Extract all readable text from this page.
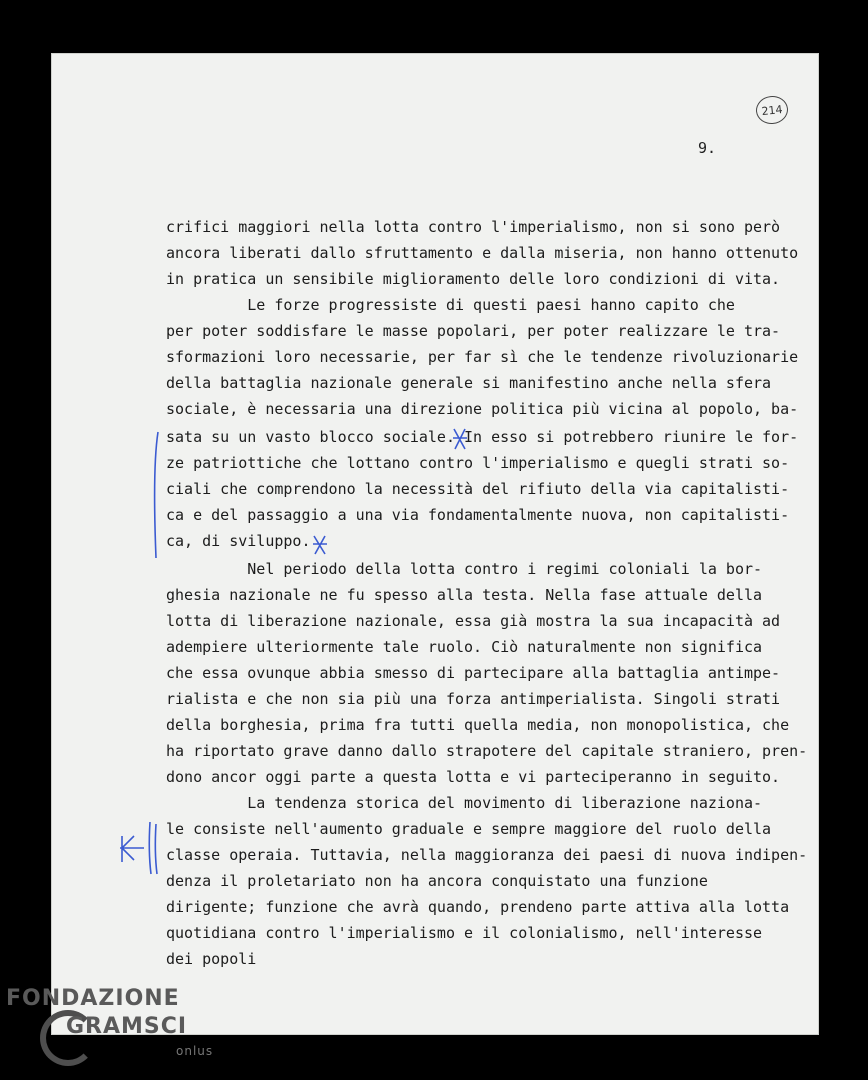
214
9.
crifici maggiori nella lotta contro l'imperialismo, non si sono però
ancora liberati dallo sfruttamento e dalla miseria, non hanno ottenuto
in pratica un sensibile miglioramento delle loro condizioni di vita.
Le forze progressiste di questi paesi hanno capito che
per poter soddisfare le masse popolari, per poter realizzare le tra-
sformazioni loro necessarie, per far sì che le tendenze rivoluzionarie
della battaglia nazionale generale si manifestino anche nella sfera
sociale, è necessaria una direzione politica più vicina al popolo, ba-
sata su un vasto blocco sociale. In esso si potrebbero riunire le for-
ze patriottiche che lottano contro l'imperialismo e quegli strati so-
ciali che comprendono la necessità del rifiuto della via capitalisti-
ca e del passaggio a una via fondamentalmente nuova, non capitalisti-
ca, di sviluppo.
Nel periodo della lotta contro i regimi coloniali la bor-
ghesia nazionale ne fu spesso alla testa. Nella fase attuale della
lotta di liberazione nazionale, essa già mostra la sua incapacità ad
adempiere ulteriormente tale ruolo. Ciò naturalmente non significa
che essa ovunque abbia smesso di partecipare alla battaglia antimpe-
rialista e che non sia più una forza antimperialista. Singoli strati
della borghesia, prima fra tutti quella media, non monopolistica, che
ha riportato grave danno dallo strapotere del capitale straniero, pren-
dono ancor oggi parte a questa lotta e vi parteciperanno in seguito.
La tendenza storica del movimento di liberazione naziona-
le consiste nell'aumento graduale e sempre maggiore del ruolo della
classe operaia. Tuttavia, nella maggioranza dei paesi di nuova indipen-
denza il proletariato non ha ancora conquistato una funzione
dirigente; funzione che avrà quando, prendeno parte attiva alla lotta
quotidiana contro l'imperialismo e il colonialismo, nell'interesse
dei popoli
FONDAZIONE
GRAMSCI
onlus
